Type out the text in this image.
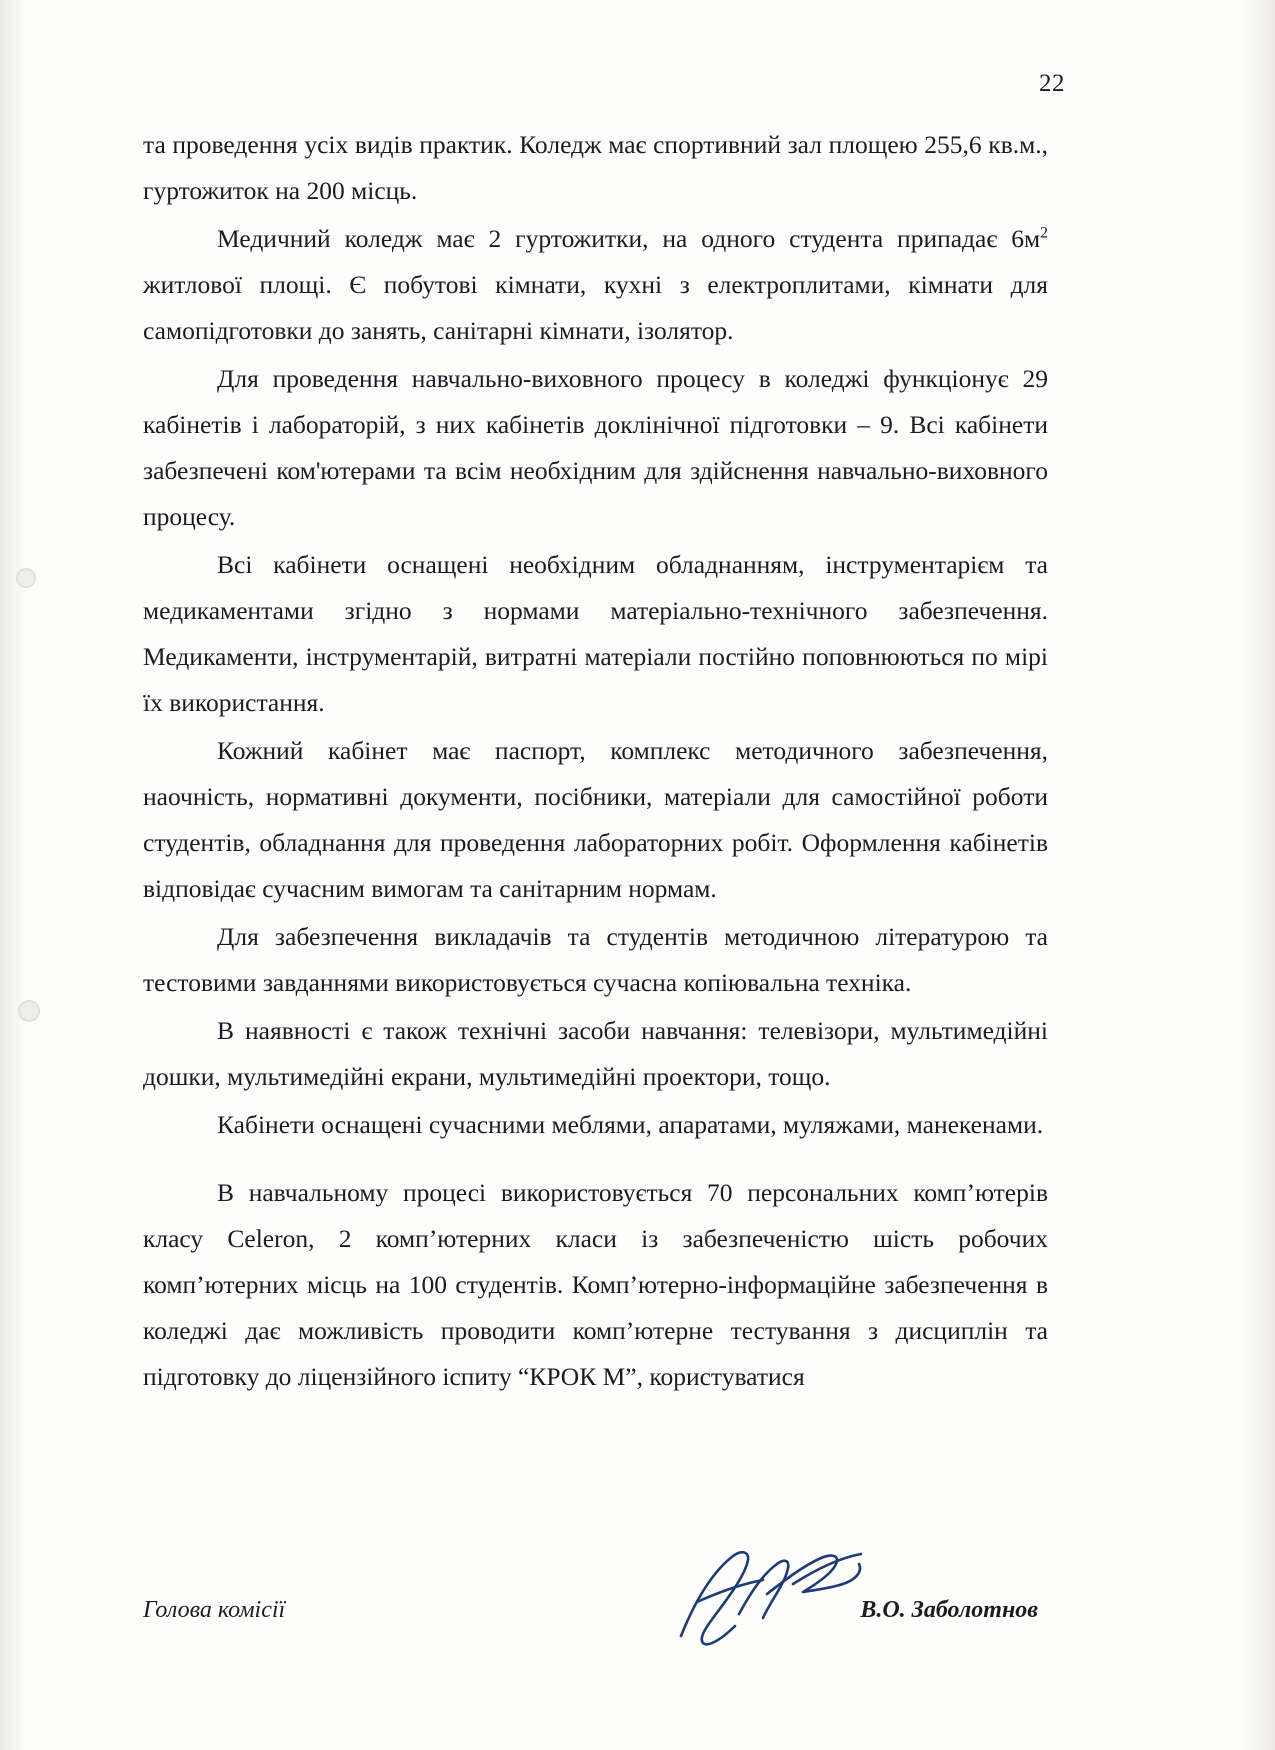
22

та проведення усіх видів практик. Коледж має спортивний зал площею 255,6 кв.м., гуртожиток на 200 місць.

Медичний коледж має 2 гуртожитки, на одного студента припадає $6м^2$ житлової площі. Є побутові кімнати, кухні з електроплитами, кімнати для самопідготовки до занять, санітарні кімнати, ізолятор.

Для проведення навчально-виховного процесу в коледжі функціонує 29 кабінетів і лабораторій, з них кабінетів доклінічної підготовки – 9. Всі кабінети забезпечені ком'ютерами та всім необхідним для здійснення навчально-виховного процесу.

Всі кабінети оснащені необхідним обладнанням, інструментарієм та медикаментами згідно з нормами матеріально-технічного забезпечення. Медикаменти, інструментарій, витратні матеріали постійно поповнюються по мірі їх використання.

Кожний кабінет має паспорт, комплекс методичного забезпечення, наочність, нормативні документи, посібники, матеріали для самостійної роботи студентів, обладнання для проведення лабораторних робіт. Оформлення кабінетів відповідає сучасним вимогам та санітарним нормам.

Для забезпечення викладачів та студентів методичною літературою та тестовими завданнями використовується сучасна копіювальна техніка.

В наявності є також технічні засоби навчання: телевізори, мультимедійні дошки, мультимедійні екрани, мультимедійні проектори, тощо.

Кабінети оснащені сучасними меблями, апаратами, муляжами, манекенами.

В навчальному процесі використовується 70 персональних комп’ютерів класу Celeron, 2 комп’ютерних класи із забезпеченістю шість робочих комп’ютерних місць на 100 студентів. Комп’ютерно-інформаційне забезпечення в коледжі дає можливість проводити комп’ютерне тестування з дисциплін та підготовку до ліцензійного іспиту “КРОК М”, користуватися

Голова комісії	В.О. Заболотнов
